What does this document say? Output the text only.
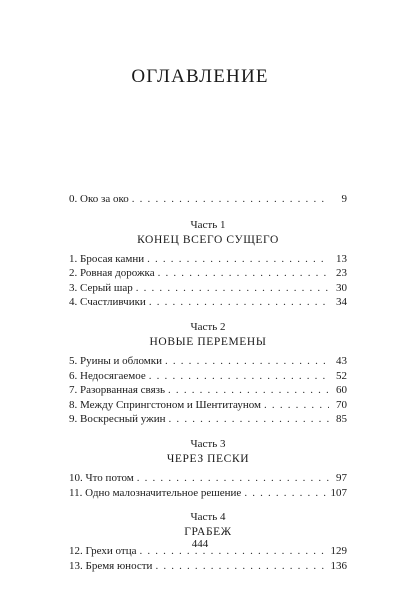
ОГЛАВЛЕНИЕ
0. Око за око . . .	9
Часть 1
КОНЕЦ ВСЕГО СУЩЕГО
1. Бросая камни . . .	13
2. Ровная дорожка . . .	23
3. Серый шар . . .	30
4. Счастливчики . . .	34
Часть 2
НОВЫЕ ПЕРЕМЕНЫ
5. Руины и обломки . . .	43
6. Недосягаемое . . .	52
7. Разорванная связь . . .	60
8. Между Спрингстоном и Шентитауном . . .	70
9. Воскресный ужин . . .	85
Часть 3
ЧЕРЕЗ ПЕСКИ
10. Что потом . . .	97
11. Одно малозначительное решение . . .	107
Часть 4
ГРАБЕЖ
12. Грехи отца . . .	129
13. Бремя юности . . .	136
444
